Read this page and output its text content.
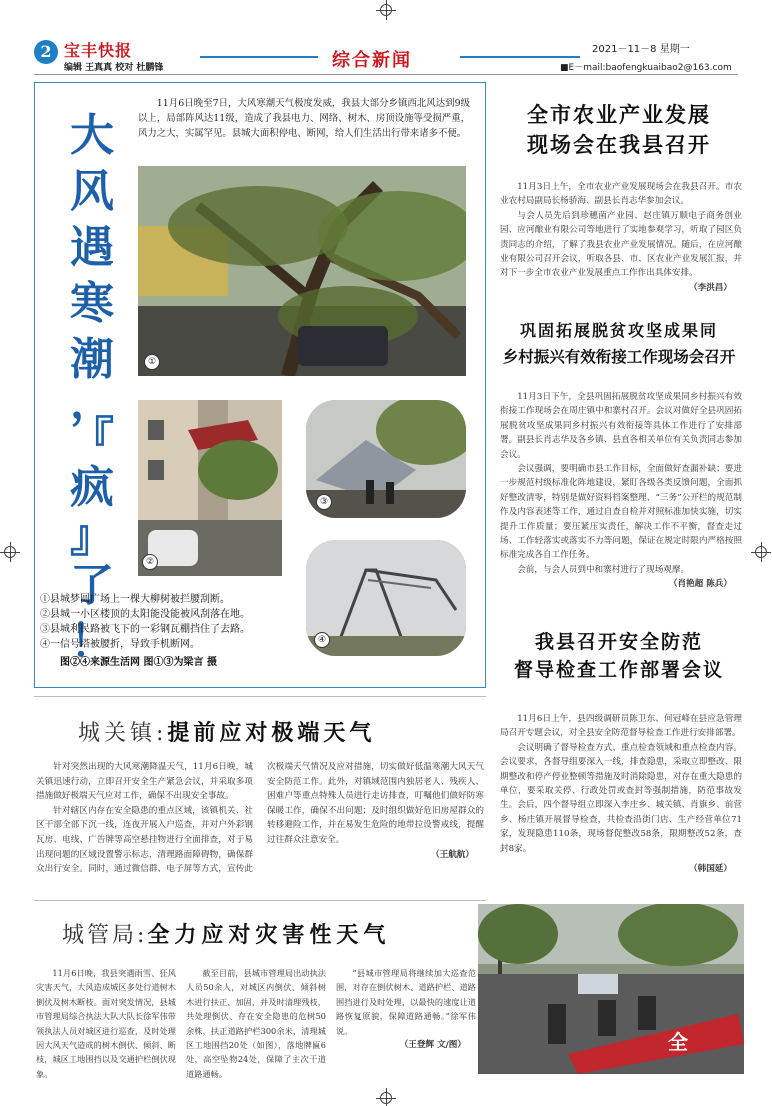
2 宝丰快报
编辑 王真真 校对 杜鹏锋	综合新闻
2021－11－8 星期一
■E－mail:baofengkuaibao2@163.com
大
风
遇
寒
潮
，
『
疯
』
了
！
11月6日晚至7日，大风寒潮天气极度发威，我县大部分乡镇西北风达到9级以上，局部阵风达11级，造成了我县电力、网络、树木、房顶设施等受损严重，风力之大，实属罕见。县城大面积停电、断网，给人们生活出行带来诸多不便。
①
②
③
④
①县城梦圆广场上一棵大柳树被拦腰刮断。
②县城一小区楼顶的太阳能没能被风刮落在地。
③县城利民路被飞下的一彩钢瓦棚挡住了去路。
④一信号塔被腰折，导致手机断网。
图②④来源生活网 图①③为梁言 摄
全市农业产业发展
现场会在我县召开

11月3日上午，全市农业产业发展现场会在我县召开。市农业农村局副局长杨骄海、副县长肖志华参加会议。

与会人员先后到珍穗菌产业园、赵庄镇万顺电子商务创业园、应河酿业有限公司等地进行了实地参观学习，听取了园区负责同志的介绍，了解了我县农业产业发展情况。随后，在应河酿业有限公司召开会议，听取各县、市、区农业产业发展汇报，并对下一步全市农业产业发展重点工作作出具体安排。

（李洪昌）
巩固拓展脱贫攻坚成果同
乡村振兴有效衔接工作现场会召开

11月3日下午，全县巩固拓展脱贫攻坚成果同乡村振兴有效衔接工作现场会在周庄镇中和寨村召开。会议对做好全县巩固拓展脱贫攻坚成果同乡村振兴有效衔接等具体工作进行了安排部署。副县长肖志华及各乡镇、县直各相关单位有关负责同志参加会议。

会议强调，要明确市县工作目标，全面做好查漏补缺；要进一步规范村级标准化阵地建设，紧盯各级各类反馈问题，全面抓好整改清零，特别是做好资料档案整理、“三务”公开栏的规范制作及内容表述等工作，通过自查自检并对照标准加快实施，切实提升工作质量；要压紧压实责任，解决工作不平衡，督查走过场、工作轻落实或落实不力等问题，保证在规定时限内严格按照标准完成各自工作任务。

会前，与会人员到中和寨村进行了现场观摩。

（肖艳超 陈兵）
我县召开安全防范
督导检查工作部署会议

11月6日上午，县四级调研员陈卫东、何冠峰在县应急管理局召开专题会议，对全县安全防范督导检查工作进行安排部署。

会议明确了督导检查方式、重点检查领域和重点检查内容。会议要求，各督导组要深入一线，排查隐患，采取立即整改、限期整改和停产停业整顿等措施及时消除隐患，对存在重大隐患的单位，要采取关停、行政处罚或查封等强制措施，防范事故发生。会后，四个督导组立即深入李庄乡、城关镇、肖旗乡、前营乡、杨庄镇开展督导检查，共检查沿街门店、生产经营单位71家，发现隐患110条，现场督促整改58条，限期整改52条，查封8家。

（韩国延）
城关镇:提前应对极端天气

针对突然出现的大风寒潮降温天气，11月6日晚，城关镇迅速行动，立即召开安全生产紧急会议，并采取多项措施做好极端天气应对工作，确保不出现安全事故。

针对辖区内存在安全隐患的重点区域，该镇机关、社区干部全部下沉一线，连夜开展入户巡查，并对户外彩钢瓦房、电线、广告牌等高空悬挂物进行全面排查，对于易出现问题的区域设置警示标志，清理路面障碍物，确保群众出行安全。同时，通过微信群、电子屏等方式，宣传此次极端天气情况及应对措施，切实做好低温寒潮大风天气安全防范工作。此外，对镇域范围内独居老人、残疾人、困难户等重点特殊人员进行走访排查，叮嘱他们做好防寒保暖工作，确保不出问题；及时组织做好危旧房屋群众的转移避险工作，并在易发生危险的地带拉设警戒线，提醒过往群众注意安全。

（王航航）
城管局:全力应对灾害性天气

11月6日晚，我县突遇雨雪、狂风灾害天气，大风造成城区多处行道树木倒伏及树木断枝。面对突发情况，县城市管理局综合执法大队大队长徐军伟带领执法人员对城区进行巡查，及时处理因大风天气造成的树木倒伏、倾斜、断枝，城区工地围挡以及交通护栏倒伏现象。

截至目前，县城市管理局出动执法人员50余人，对城区内倒伏、倾斜树木进行扶正、加固，并及时清理残枝，共处理倒伏、存在安全隐患的危树50余株，扶正道路护栏300余米，清理城区工地围挡20处（如图），落地牌匾6处，高空坠物24处，保障了主次干道道路通畅。

“县城市管理局将继续加大巡查范围，对存在倒伏树木、道路护栏、道路围挡进行及时处理，以最快的速度让道路恢复原貌，保障道路通畅。”徐军伟说。

（王登辉 文/图）	全
